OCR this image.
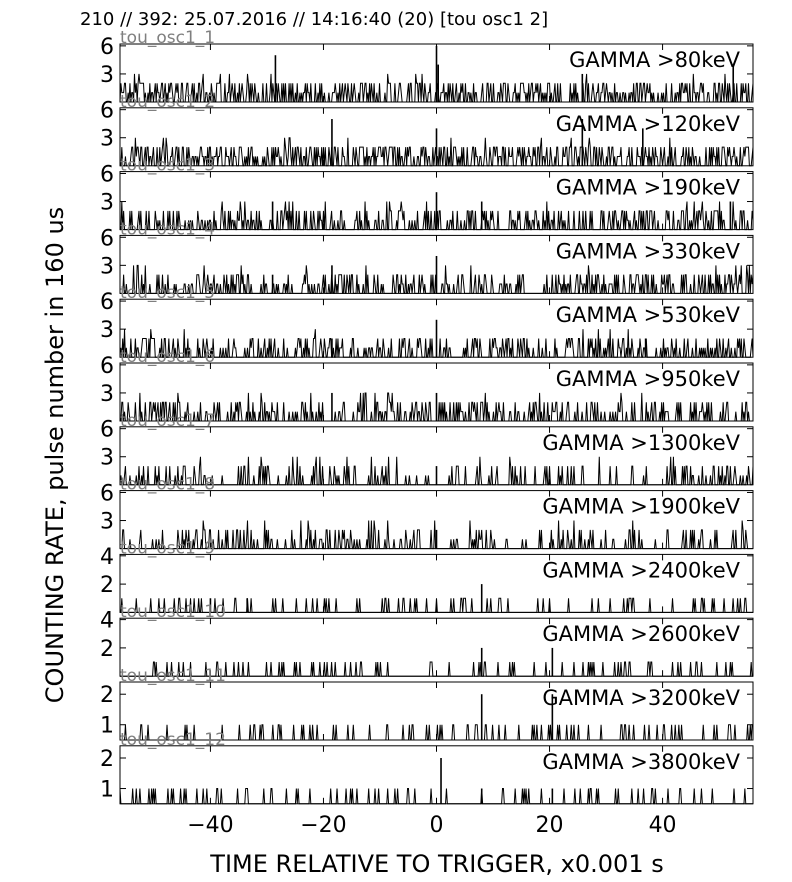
210 // 392: 25.07.2016 // 14:16:40 (20) [tou osc1 2]
TIME RELATIVE TO TRIGGER, x0.001 s
COUNTING RATE, pulse number in 160 us
3
6
GAMMA >80keV
tou_osc1_1
3
6
GAMMA >120keV
tou_osc1_2
3
6
GAMMA >190keV
tou_osc1_3
3
6
GAMMA >330keV
tou_osc1_4
3
6
GAMMA >530keV
tou_osc1_5
3
6
GAMMA >950keV
tou_osc1_6
3
6
GAMMA >1300keV
tou_osc1_7
3
6
GAMMA >1900keV
tou_osc1_8
2
4
GAMMA >2400keV
tou_osc1_9
2
4
GAMMA >2600keV
tou_osc1_10
1
2	GAMMA >3200keV
tou_osc1_11
1
2	GAMMA >3800keV
tou_osc1_12
−40	−20	0	20	40
